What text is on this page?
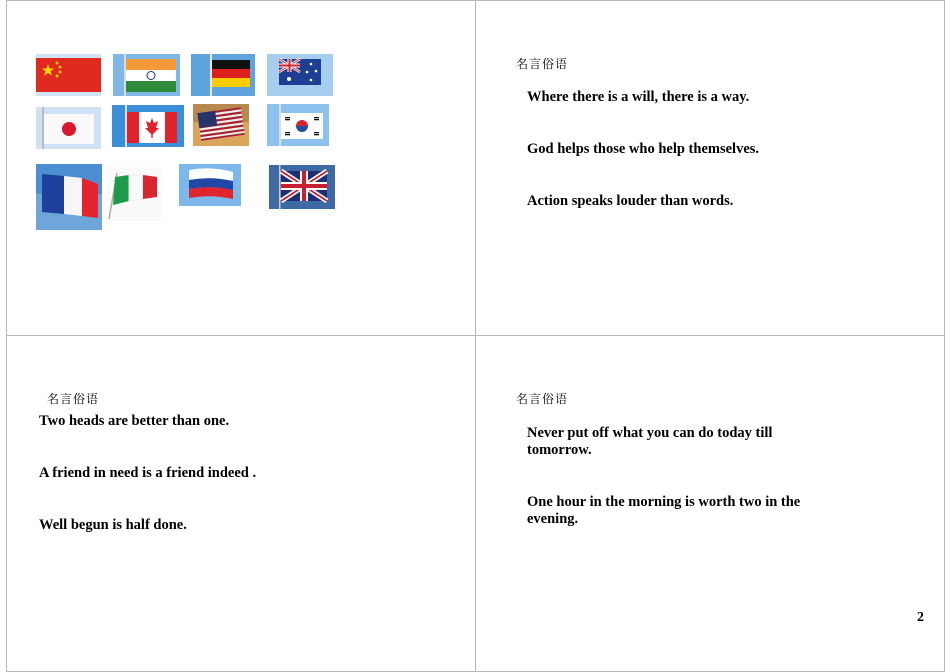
名言俗语
Where there is a will, there is a way.
God helps those who help themselves.
Action speaks louder than words.
名言俗语
Two heads are better than one.
A friend in need is a friend indeed .
Well begun is half done.
名言俗语
Never put off what you can do today till
tomorrow.
One hour in the morning is worth two in the
evening.
2
